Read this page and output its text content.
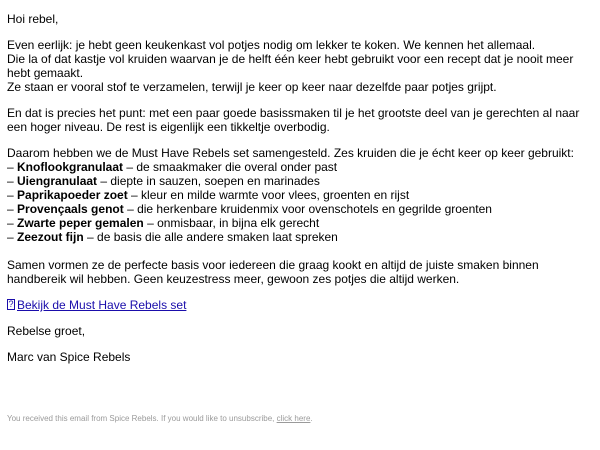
Hoi rebel,

Even eerlijk: je hebt geen keukenkast vol potjes nodig om lekker te koken. We kennen het allemaal.
Die la of dat kastje vol kruiden waarvan je de helft één keer hebt gebruikt voor een recept dat je nooit meer hebt gemaakt.
Ze staan er vooral stof te verzamelen, terwijl je keer op keer naar dezelfde paar potjes grijpt.

En dat is precies het punt: met een paar goede basissmaken til je het grootste deel van je gerechten al naar een hoger niveau. De rest is eigenlijk een tikkeltje overbodig.

Daarom hebben we de Must Have Rebels set samengesteld. Zes kruiden die je écht keer op keer gebruikt:
– Knoflookgranulaat – de smaakmaker die overal onder past
– Uiengranulaat – diepte in sauzen, soepen en marinades
– Paprikapoeder zoet – kleur en milde warmte voor vlees, groenten en rijst
– Provençaals genot – die herkenbare kruidenmix voor ovenschotels en gegrilde groenten
– Zwarte peper gemalen – onmisbaar, in bijna elk gerecht
– Zeezout fijn – de basis die alle andere smaken laat spreken

Samen vormen ze de perfecte basis voor iedereen die graag kookt en altijd de juiste smaken binnen handbereik wil hebben. Geen keuzestress meer, gewoon zes potjes die altijd werken.

?Bekijk de Must Have Rebels set

Rebelse groet,

Marc van Spice Rebels

You received this email from Spice Rebels. If you would like to unsubscribe, click here.
